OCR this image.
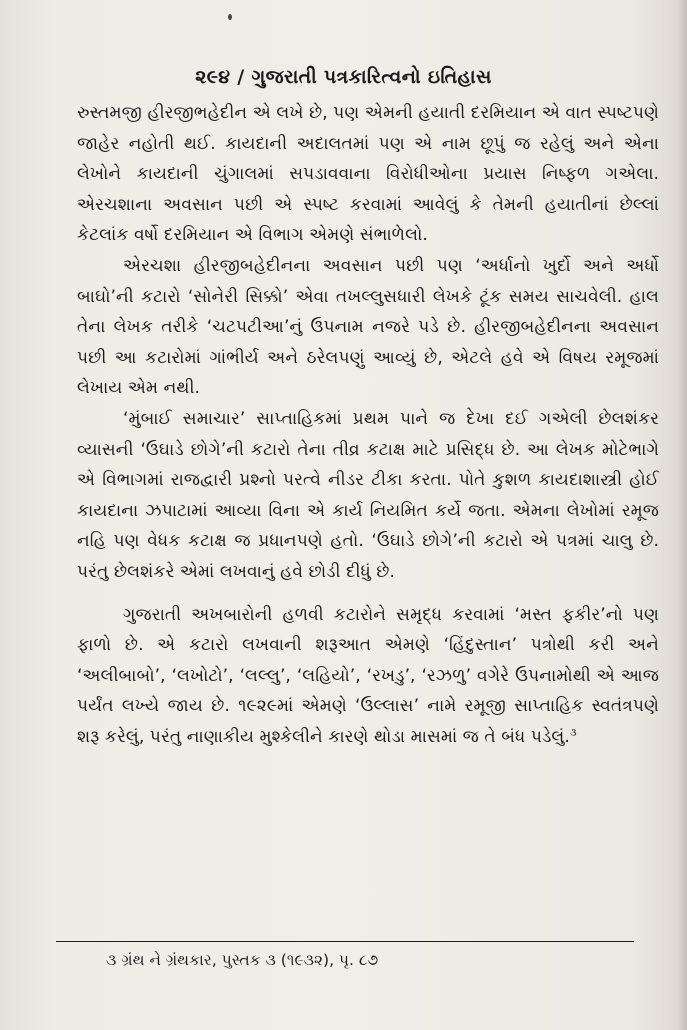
૨૯૪ / ગુજરાતી પત્રકારિત્વનો ઇતિહાસ

રુસ્તમજી હીરજીભહેદીન એ લખે છે, પણ એમની હયાતી દરમિયાન એ વાત સ્પષ્ટપણે જાહેર નહોતી થઈ. કાયદાની અદાલતમાં પણ એ નામ છૂપું જ રહેલું અને એના લેખોને કાયદાની ચુંગાલમાં સપડાવવાના વિરોધીઓના પ્રયાસ નિષ્ફળ ગએલા. એરચશાના અવસાન પછી એ સ્પષ્ટ કરવામાં આવેલું કે તેમની હયાતીનાં છેલ્લાં કેટલાંક વર્ષો દરમિયાન એ વિભાગ એમણે સંભાળેલો.

એરચશા હીરજીબહેદીનના અવસાન પછી પણ ‘અર્ધાનો ખુર્દો અને અર્ધો બાઘો’ની કટારો ‘સોનેરી સિક્કો’ એવા તખલ્લુસધારી લેખકે ટૂંક સમય સાચવેલી. હાલ તેના લેખક તરીકે ‘ચટપટીઆ’નું ઉપનામ નજરે પડે છે. હીરજીબહેદીનના અવસાન પછી આ કટારોમાં ગાંભીર્ય અને ઠરેલપણું આવ્યું છે, એટલે હવે એ વિષય રમૂજમાં લેખાય એમ નથી.

‘મુંબાઈ સમાચાર’ સાપ્તાહિકમાં પ્રથમ પાને જ દેખા દઈ ગએલી છેલશંકર વ્યાસની ‘ઉઘાડે છોગે’ની કટારો તેના તીવ્ર કટાક્ષ માટે પ્રસિદ્ધ છે. આ લેખક મોટેભાગે એ વિભાગમાં રાજદ્વારી પ્રશ્નો પરત્વે નીડર ટીકા કરતા. પોતે કુશળ કાયદાશાસ્ત્રી હોઈ કાયદાના ઝપાટામાં આવ્યા વિના એ કાર્ય નિયમિત કર્યે જતા. એમના લેખોમાં રમૂજ નહિ પણ વેધક કટાક્ષ જ પ્રધાનપણે હતો. ‘ઉઘાડે છોગે’ની કટારો એ પત્રમાં ચાલુ છે. પરંતુ છેલશંકરે એમાં લખવાનું હવે છોડી દીધું છે.

ગુજરાતી અખબારોની હળવી કટારોને સમૃદ્ધ કરવામાં ‘મસ્ત ફકીર’નો પણ ફાળો છે. એ કટારો લખવાની શરૂઆત એમણે ‘હિંદુસ્તાન’ પત્રોથી કરી અને ‘અલીબાબો’, ‘લખોટો’, ‘લલ્લુ’, ‘લહિયો’, ‘રખડુ’, ‘રઝળુ’ વગેરે ઉપનામોથી એ આજ પર્યંત લખ્યે જાય છે. ૧૯૨૯માં એમણે ‘ઉલ્લાસ’ નામે રમૂજી સાપ્તાહિક સ્વતંત્રપણે શરૂ કરેલું, પરંતુ નાણાકીય મુશ્કેલીને કારણે થોડા માસમાં જ તે બંધ પડેલું.$^૩$

૩ ગ્રંથ ને ગ્રંથકાર, પુસ્તક ૩ (૧૯૩૨), પૃ. ૮૭
